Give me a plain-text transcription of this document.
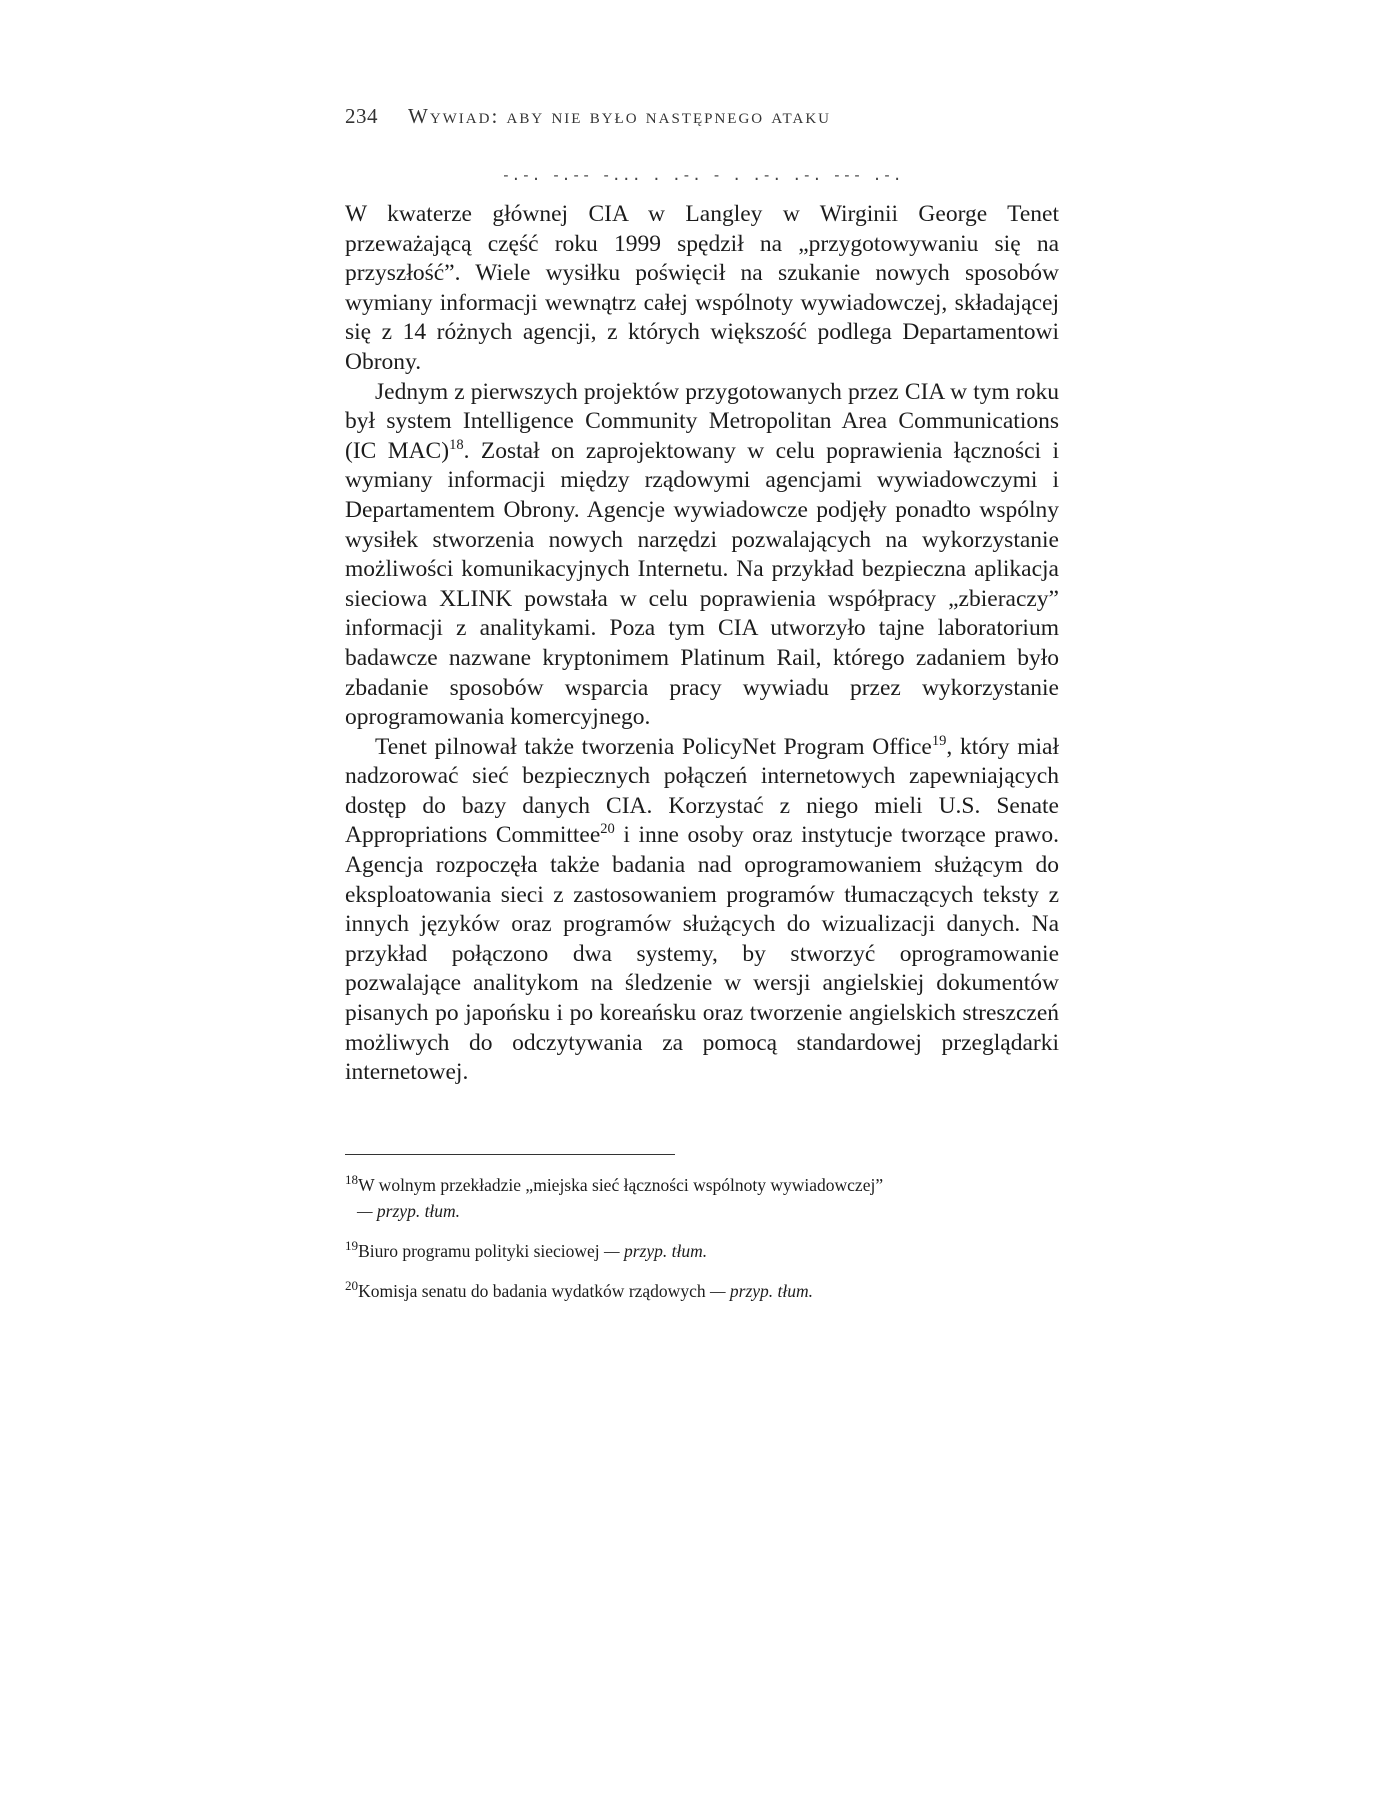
234 Wywiad: aby nie było następnego ataku
-.-. -.-- -... . .-. - . .-. .-. --- .-.

W kwaterze głównej CIA w Langley w Wirginii George Tenet przeważającą część roku 1999 spędził na „przygotowywaniu się na przyszłość”. Wiele wysiłku poświęcił na szukanie nowych sposobów wymiany informacji wewnątrz całej wspólnoty wywiadowczej, składającej się z 14 różnych agencji, z których większość podlega Departamentowi Obrony.

Jednym z pierwszych projektów przygotowanych przez CIA w tym roku był system Intelligence Community Metropolitan Area Communications (IC MAC)$^{18}$. Został on zaprojektowany w celu poprawienia łączności i wymiany informacji między rządowymi agencjami wywiadowczymi i Departamentem Obrony. Agencje wywiadowcze podjęły ponadto wspólny wysiłek stworzenia nowych narzędzi pozwalających na wykorzystanie możliwości komunikacyjnych Internetu. Na przykład bezpieczna aplikacja sieciowa XLINK powstała w celu poprawienia współpracy „zbieraczy” informacji z analitykami. Poza tym CIA utworzyło tajne laboratorium badawcze nazwane kryptonimem Platinum Rail, którego zadaniem było zbadanie sposobów wsparcia pracy wywiadu przez wykorzystanie oprogramowania komercyjnego.

Tenet pilnował także tworzenia PolicyNet Program Office$^{19}$, który miał nadzorować sieć bezpiecznych połączeń internetowych zapewniających dostęp do bazy danych CIA. Korzystać z niego mieli U.S. Senate Appropriations Committee$^{20}$ i inne osoby oraz instytucje tworzące prawo. Agencja rozpoczęła także badania nad oprogramowaniem służącym do eksploatowania sieci z zastosowaniem programów tłumaczących teksty z innych języków oraz programów służących do wizualizacji danych. Na przykład połączono dwa systemy, by stworzyć oprogramowanie pozwalające analitykom na śledzenie w wersji angielskiej dokumentów pisanych po japońsku i po koreańsku oraz tworzenie angielskich streszczeń możliwych do odczytywania za pomocą standardowej przeglądarki internetowej.

$^{18}$W wolnym przekładzie „miejska sieć łączności wspólnoty wywiadowczej”
— przyp. tłum.
$^{19}$Biuro programu polityki sieciowej — przyp. tłum.
$^{20}$Komisja senatu do badania wydatków rządowych — przyp. tłum.
